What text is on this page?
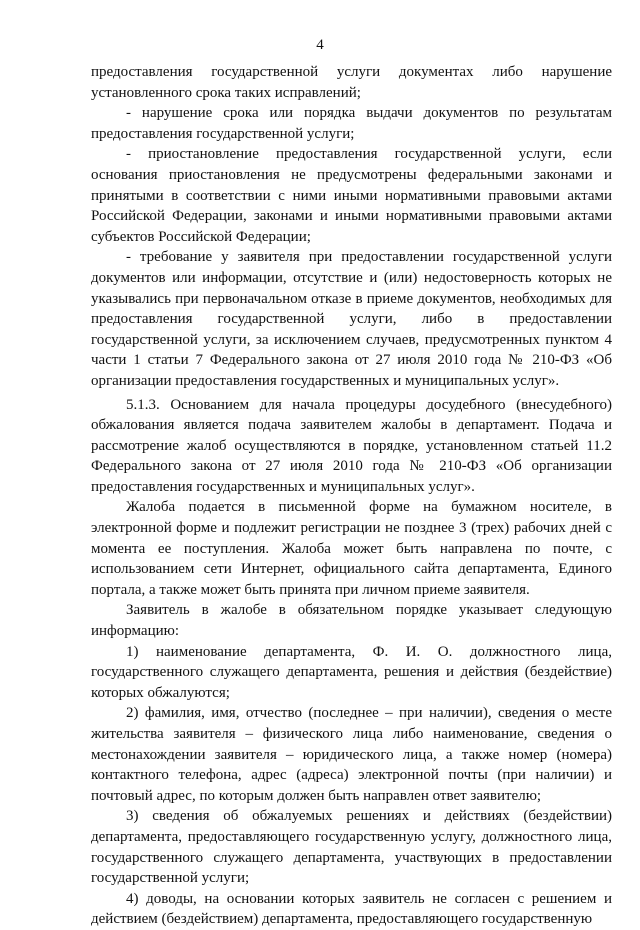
4

предоставления государственной услуги документах либо нарушение установленного срока таких исправлений;

- нарушение срока или порядка выдачи документов по результатам предоставления государственной услуги;

- приостановление предоставления государственной услуги, если основания приостановления не предусмотрены федеральными законами и принятыми в соответствии с ними иными нормативными правовыми актами Российской Федерации, законами и иными нормативными правовыми актами субъектов Российской Федерации;

- требование у заявителя при предоставлении государственной услуги документов или информации, отсутствие и (или) недостоверность которых не указывались при первоначальном отказе в приеме документов, необходимых для предоставления государственной услуги, либо в предоставлении государственной услуги, за исключением случаев, предусмотренных пунктом 4 части 1 статьи 7 Федерального закона от 27 июля 2010 года № 210-ФЗ «Об организации предоставления государственных и муниципальных услуг».

5.1.3. Основанием для начала процедуры досудебного (внесудебного) обжалования является подача заявителем жалобы в департамент. Подача и рассмотрение жалоб осуществляются в порядке, установленном статьей 11.2 Федерального закона от 27 июля 2010 года № 210-ФЗ «Об организации предоставления государственных и муниципальных услуг».

Жалоба подается в письменной форме на бумажном носителе, в электронной форме и подлежит регистрации не позднее 3 (трех) рабочих дней с момента ее поступления. Жалоба может быть направлена по почте, с использованием сети Интернет, официального сайта департамента, Единого портала, а также может быть принята при личном приеме заявителя.

Заявитель в жалобе в обязательном порядке указывает следующую информацию:

1) наименование департамента, Ф. И. О. должностного лица, государственного служащего департамента, решения и действия (бездействие) которых обжалуются;

2) фамилия, имя, отчество (последнее – при наличии), сведения о месте жительства заявителя – физического лица либо наименование, сведения о местонахождении заявителя – юридического лица, а также номер (номера) контактного телефона, адрес (адреса) электронной почты (при наличии) и почтовый адрес, по которым должен быть направлен ответ заявителю;

3) сведения об обжалуемых решениях и действиях (бездействии) департамента, предоставляющего государственную услугу, должностного лица, государственного служащего департамента, участвующих в предоставлении государственной услуги;

4) доводы, на основании которых заявитель не согласен с решением и действием (бездействием) департамента, предоставляющего государственную
